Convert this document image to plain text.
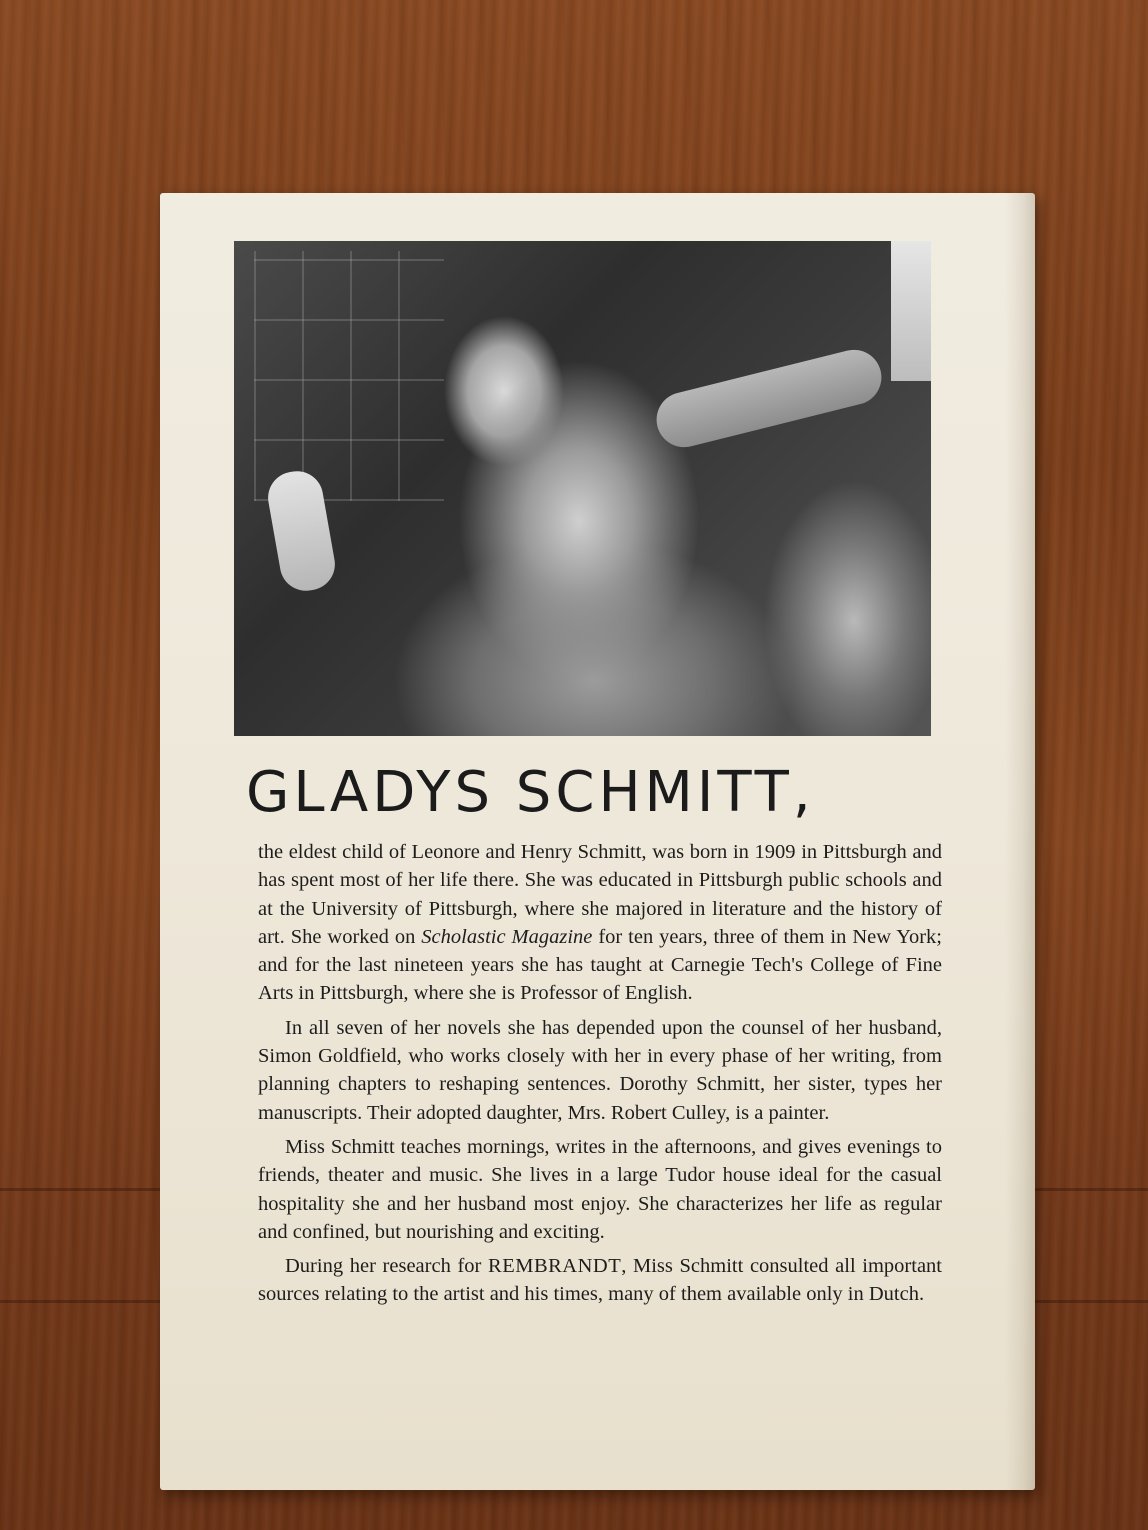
GLADYS SCHMITT,

the eldest child of Leonore and Henry Schmitt, was born in 1909 in Pittsburgh and has spent most of her life there. She was educated in Pittsburgh public schools and at the University of Pittsburgh, where she majored in literature and the history of art. She worked on Scholastic Magazine for ten years, three of them in New York; and for the last nineteen years she has taught at Carnegie Tech's College of Fine Arts in Pittsburgh, where she is Professor of English.

In all seven of her novels she has depended upon the counsel of her husband, Simon Goldfield, who works closely with her in every phase of her writing, from planning chapters to reshaping sentences. Dorothy Schmitt, her sister, types her manuscripts. Their adopted daughter, Mrs. Robert Culley, is a painter.

Miss Schmitt teaches mornings, writes in the afternoons, and gives evenings to friends, theater and music. She lives in a large Tudor house ideal for the casual hospitality she and her husband most enjoy. She characterizes her life as regular and confined, but nourishing and exciting.

During her research for REMBRANDT, Miss Schmitt consulted all important sources relating to the artist and his times, many of them available only in Dutch.
